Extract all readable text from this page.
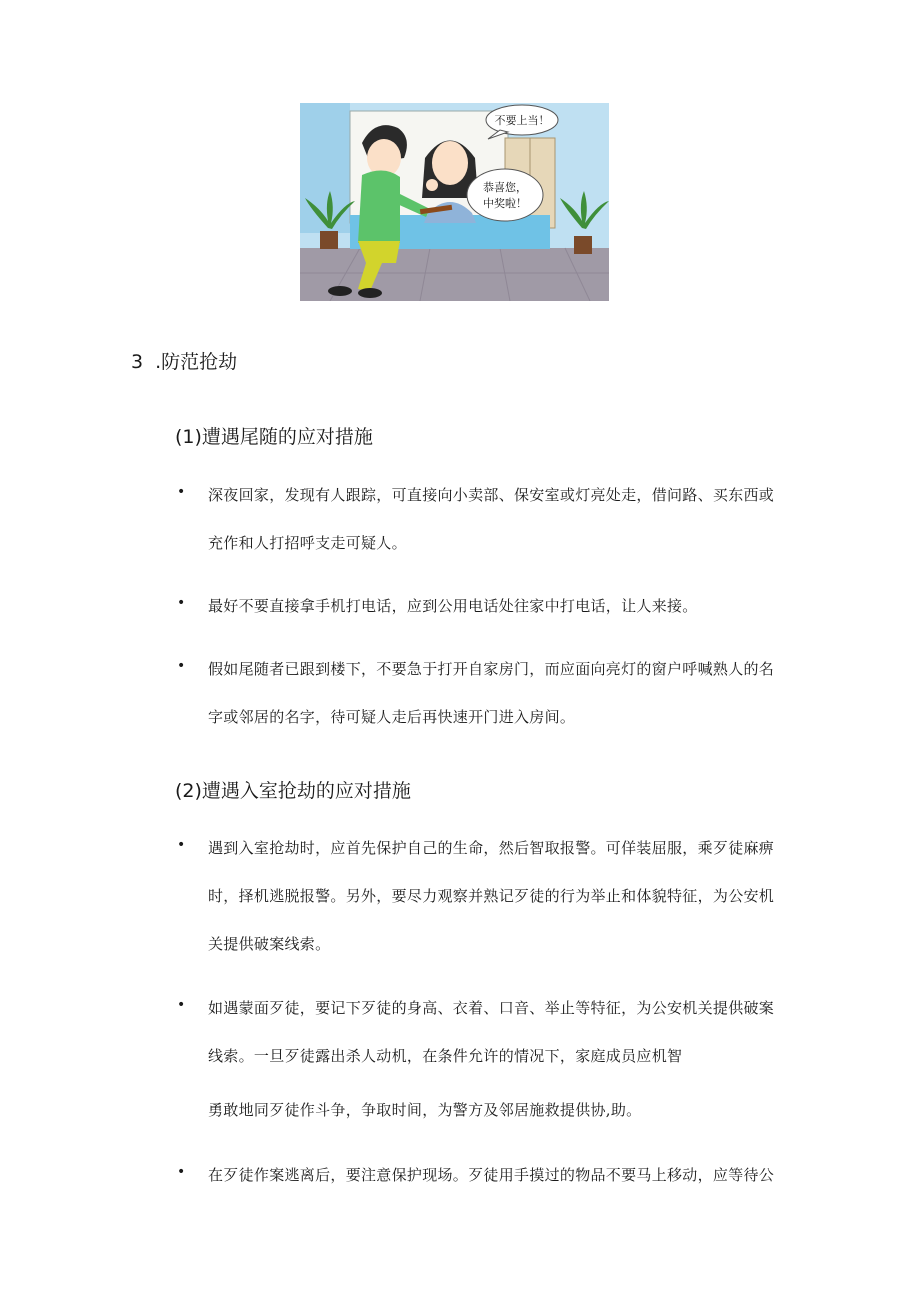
不要上当！
恭喜您，
中奖啦！
3 .防范抢劫
(1)遭遇尾随的应对措施
• 深夜回家，发现有人跟踪，可直接向小卖部、保安室或灯亮处走，借问路、买东西或
充作和人打招呼支走可疑人。
• 最好不要直接拿手机打电话，应到公用电话处往家中打电话，让人来接。
• 假如尾随者已跟到楼下，不要急于打开自家房门，而应面向亮灯的窗户呼喊熟人的名
字或邻居的名字，待可疑人走后再快速开门进入房间。
(2)遭遇入室抢劫的应对措施
• 遇到入室抢劫时，应首先保护自己的生命，然后智取报警。可佯装屈服，乘歹徒麻痹
时，择机逃脱报警。另外，要尽力观察并熟记歹徒的行为举止和体貌特征，为公安机
关提供破案线索。
• 如遇蒙面歹徒，要记下歹徒的身高、衣着、口音、举止等特征，为公安机关提供破案
线索。一旦歹徒露出杀人动机，在条件允许的情况下，家庭成员应机智
勇敢地同歹徒作斗争，争取时间，为警方及邻居施救提供协,助。
• 在歹徒作案逃离后，要注意保护现场。歹徒用手摸过的物品不要马上移动，应等待公
